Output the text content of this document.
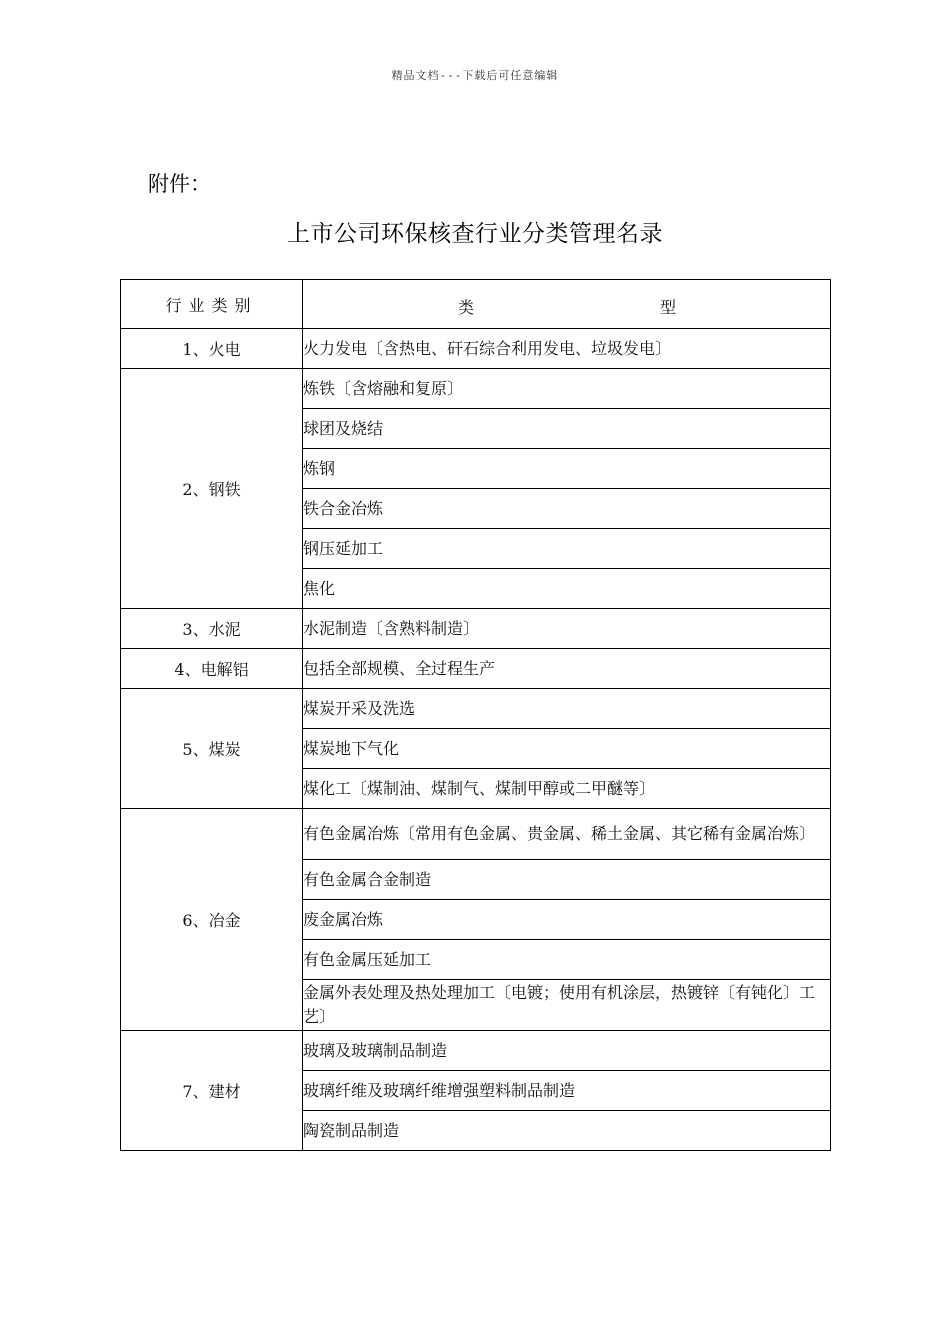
精品文档---下载后可任意编辑
附件：
上市公司环保核查行业分类管理名录
行业类别	类 型

1、火电	火力发电〔含热电、矸石综合利用发电、垃圾发电〕
2、钢铁	炼铁〔含熔融和复原〕
	球团及烧结
	炼钢
	铁合金冶炼
	钢压延加工
	焦化
3、水泥	水泥制造〔含熟料制造〕
4、电解铝	包括全部规模、全过程生产
5、煤炭	煤炭开采及洗选
	煤炭地下气化
	煤化工〔煤制油、煤制气、煤制甲醇或二甲醚等〕
6、冶金	有色金属冶炼〔常用有色金属、贵金属、稀土金属、其它稀有金属冶炼〕
	有色金属合金制造
	废金属冶炼
	有色金属压延加工
	金属外表处理及热处理加工〔电镀；使用有机涂层，热镀锌〔有钝化〕工艺〕
7、建材	玻璃及玻璃制品制造
	玻璃纤维及玻璃纤维增强塑料制品制造
	陶瓷制品制造
